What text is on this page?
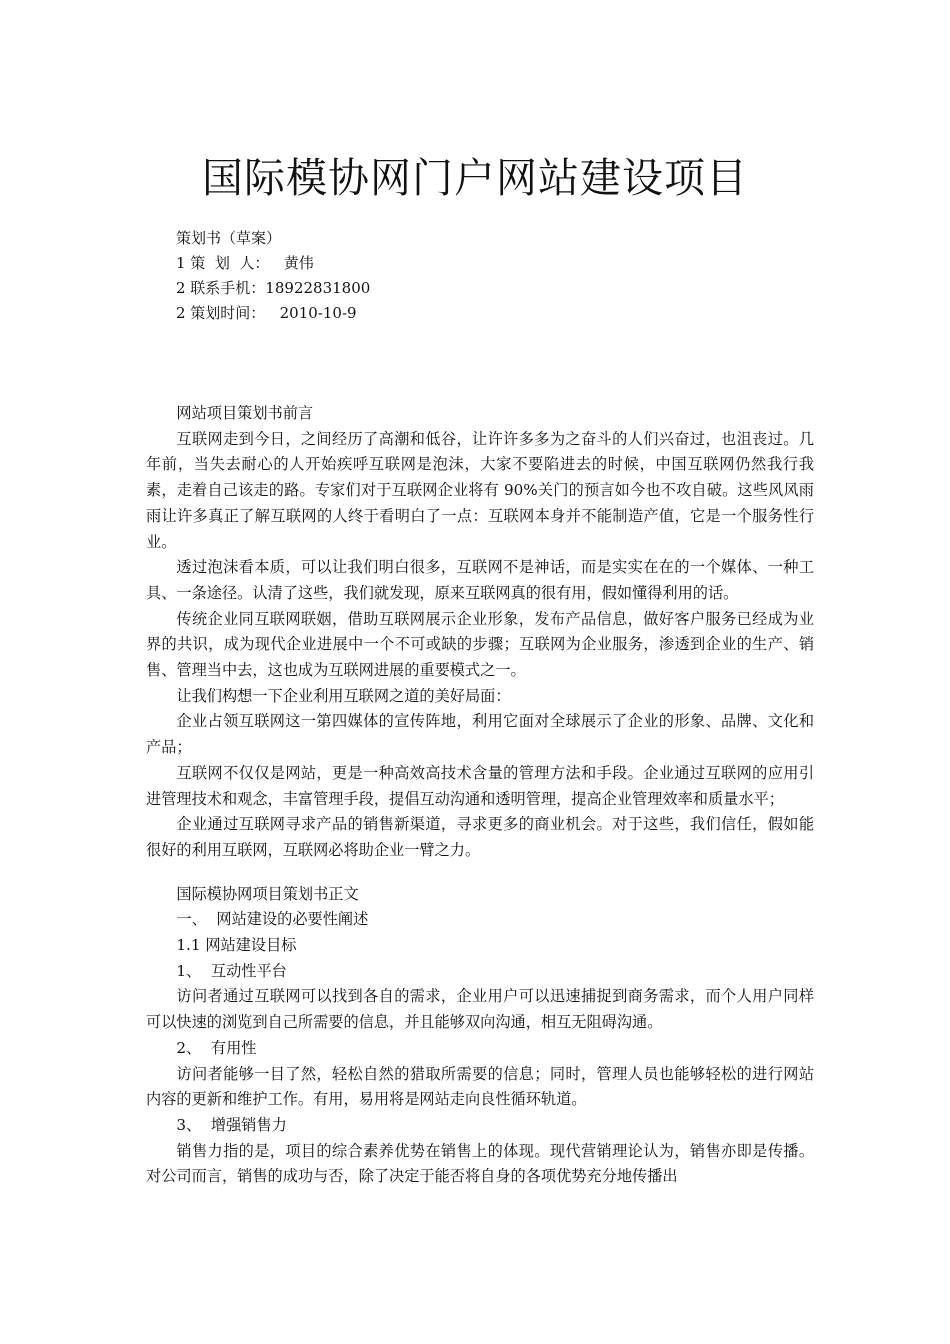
国际模协网门户网站建设项目
策划书（草案）
1 策  划  人：   黄伟
2 联系手机：18922831800
2 策划时间：   2010-10-9
网站项目策划书前言

互联网走到今日，之间经历了高潮和低谷，让许许多多为之奋斗的人们兴奋过，也沮丧过。几年前，当失去耐心的人开始疾呼互联网是泡沫，大家不要陷进去的时候，中国互联网仍然我行我素，走着自己该走的路。专家们对于互联网企业将有 90%关门的预言如今也不攻自破。这些风风雨雨让许多真正了解互联网的人终于看明白了一点：互联网本身并不能制造产值，它是一个服务性行业。

透过泡沫看本质，可以让我们明白很多，互联网不是神话，而是实实在在的一个媒体、一种工具、一条途径。认清了这些，我们就发现，原来互联网真的很有用，假如懂得利用的话。

传统企业同互联网联姻，借助互联网展示企业形象，发布产品信息，做好客户服务已经成为业界的共识，成为现代企业进展中一个不可或缺的步骤；互联网为企业服务，渗透到企业的生产、销售、管理当中去，这也成为互联网进展的重要模式之一。

让我们构想一下企业利用互联网之道的美好局面：

企业占领互联网这一第四媒体的宣传阵地，利用它面对全球展示了企业的形象、品牌、文化和产品；

互联网不仅仅是网站，更是一种高效高技术含量的管理方法和手段。企业通过互联网的应用引进管理技术和观念，丰富管理手段，提倡互动沟通和透明管理，提高企业管理效率和质量水平；

企业通过互联网寻求产品的销售新渠道，寻求更多的商业机会。对于这些，我们信任，假如能很好的利用互联网，互联网必将助企业一臂之力。

国际模协网项目策划书正文
一、  网站建设的必要性阐述
1.1 网站建设目标
1、  互动性平台

访问者通过互联网可以找到各自的需求，企业用户可以迅速捕捉到商务需求，而个人用户同样可以快速的浏览到自己所需要的信息，并且能够双向沟通，相互无阻碍沟通。

2、  有用性

访问者能够一目了然，轻松自然的猎取所需要的信息；同时，管理人员也能够轻松的进行网站内容的更新和维护工作。有用，易用将是网站走向良性循环轨道。

3、  增强销售力

销售力指的是，项目的综合素养优势在销售上的体现。现代营销理论认为，销售亦即是传播。对公司而言，销售的成功与否，除了决定于能否将自身的各项优势充分地传播出
